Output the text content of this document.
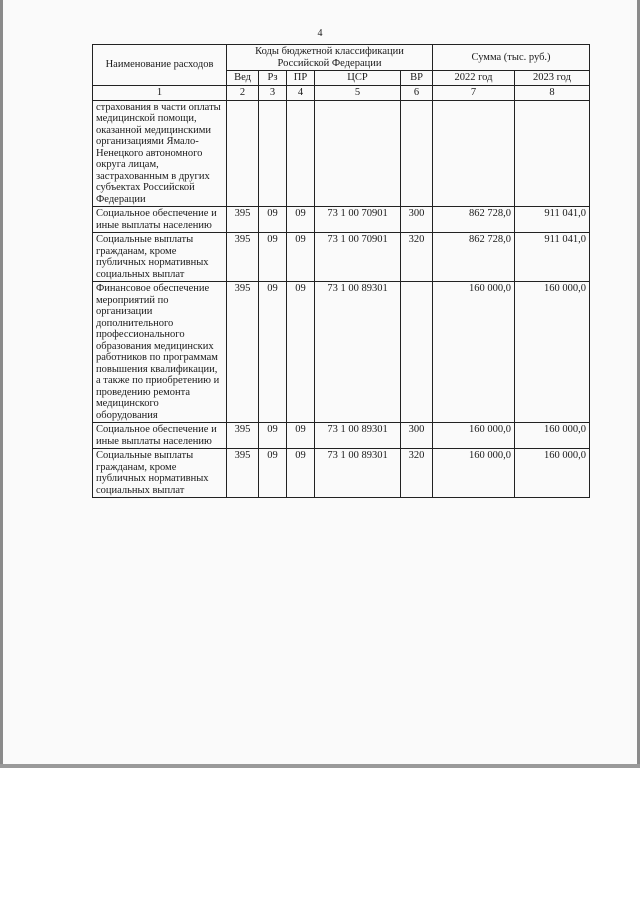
4
Наименование расходов	Коды бюджетной классификации Российской Федерации					Сумма (тыс. руб.)	
	Вед	Рз	ПР	ЦСР	ВР	2022 год	2023 год
1	2	3	4	5	6	7	8
страхования в части оплаты медицинской помощи, оказанной медицинскими организациями Ямало-Ненецкого автономного округа лицам, застрахованным в других субъектах Российской Федерации							
Социальное обеспечение и иные выплаты населению	395	09	09	73 1 00 70901	300	862 728,0	911 041,0
Социальные выплаты гражданам, кроме публичных нормативных социальных выплат	395	09	09	73 1 00 70901	320	862 728,0	911 041,0
Финансовое обеспечение мероприятий по организации дополнительного профессионального образования медицинских работников по программам повышения квалификации, а также по приобретению и проведению ремонта медицинского оборудования	395	09	09	73 1 00 89301		160 000,0	160 000,0
Социальное обеспечение и иные выплаты населению	395	09	09	73 1 00 89301	300	160 000,0	160 000,0
Социальные выплаты гражданам, кроме публичных нормативных социальных выплат	395	09	09	73 1 00 89301	320	160 000,0	160 000,0
